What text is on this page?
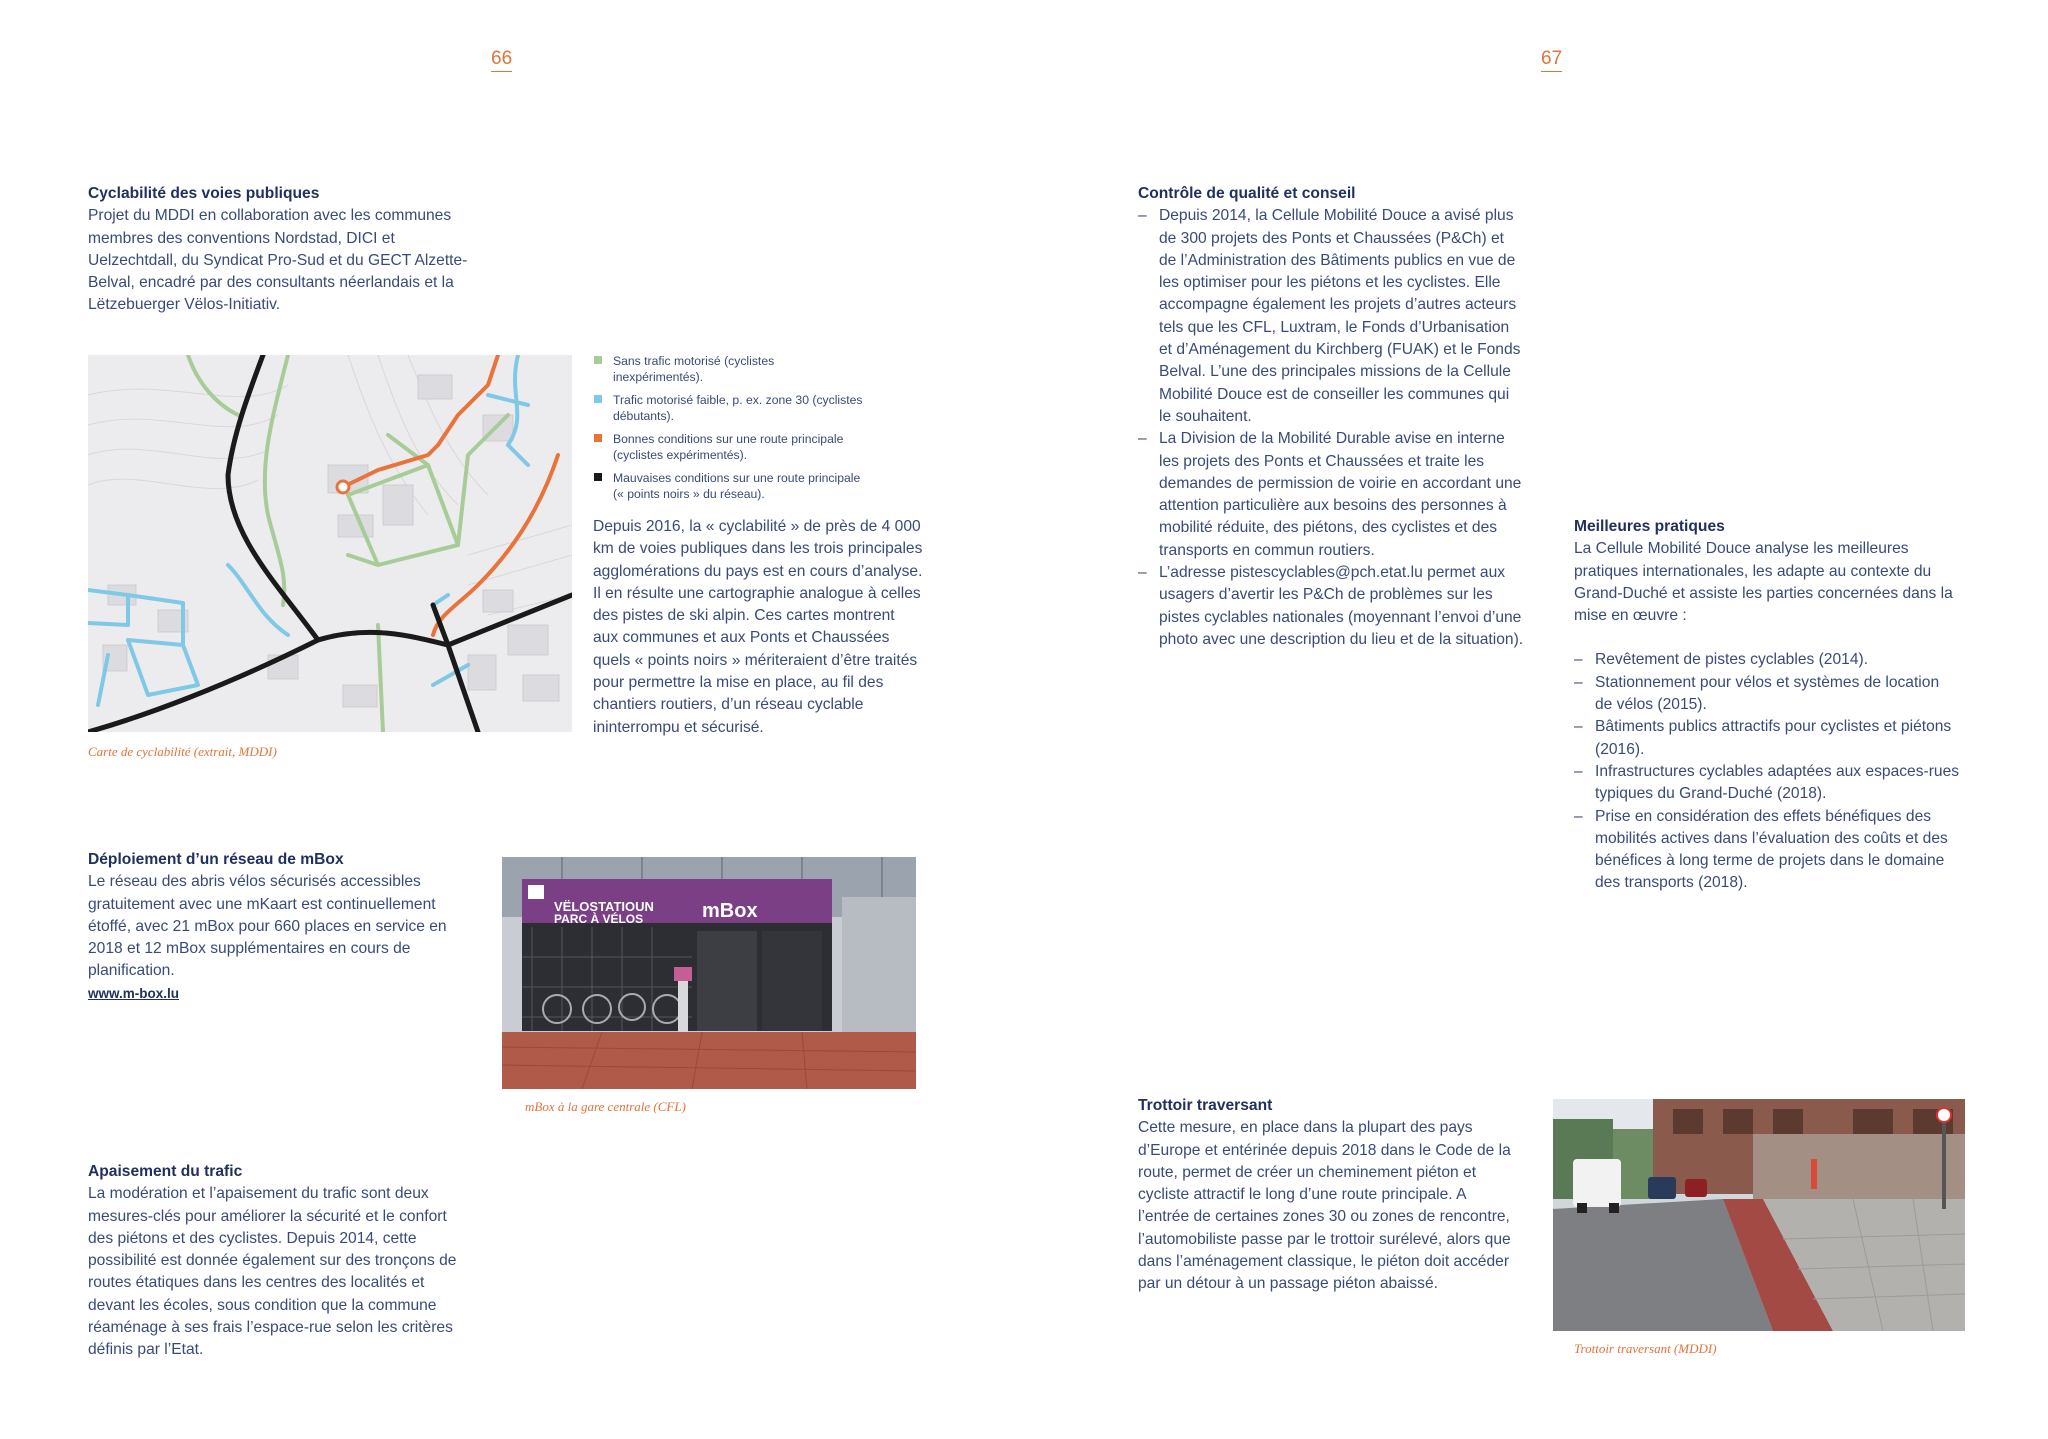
66	67
Cyclabilité des voies publiques

Projet du MDDI en collaboration avec les communes membres des conventions Nordstad, DICI et Uelzechtdall, du Syndicat Pro-Sud et du GECT Alzette-Belval, encadré par des consultants néerlandais et la Lëtzebuerger Vëlos-Initiativ.

Carte de cyclabilité (extrait, MDDI)
Sans trafic motorisé (cyclistes inexpérimentés).
Trafic motorisé faible, p. ex. zone 30 (cyclistes débutants).
Bonnes conditions sur une route principale (cyclistes expérimentés).
Mauvaises conditions sur une route principale (« points noirs » du réseau).

Depuis 2016, la « cyclabilité » de près de 4 000 km de voies publiques dans les trois principales agglomérations du pays est en cours d’analyse. Il en résulte une cartographie analogue à celles des pistes de ski alpin. Ces cartes montrent aux communes et aux Ponts et Chaussées quels « points noirs » mériteraient d’être traités pour permettre la mise en place, au fil des chantiers routiers, d’un réseau cyclable ininterrompu et sécurisé.

Déploiement d’un réseau de mBox

Le réseau des abris vélos sécurisés accessibles gratuitement avec une mKaart est continuellement étoffé, avec 21 mBox pour 660 places en service en 2018 et 12 mBox supplémentaires en cours de planification.

www.m-box.lu
VËLOSTATIOUN
PARC À VÉLOS	mBox
mBox à la gare centrale (CFL)
Apaisement du trafic

La modération et l’apaisement du trafic sont deux mesures-clés pour améliorer la sécurité et le confort des piétons et des cyclistes. Depuis 2014, cette possibilité est donnée également sur des tronçons de routes étatiques dans les centres des localités et devant les écoles, sous condition que la commune réaménage à ses frais l’espace-rue selon les critères définis par l’Etat.

Contrôle de qualité et conseil
– Depuis 2014, la Cellule Mobilité Douce a avisé plus de 300 projets des Ponts et Chaussées (P&Ch) et de l’Administration des Bâtiments publics en vue de les optimiser pour les piétons et les cyclistes. Elle accompagne également les projets d’autres acteurs tels que les CFL, Luxtram, le Fonds d’Urbanisation et d’Aménagement du Kirchberg (FUAK) et le Fonds Belval. L’une des principales missions de la Cellule Mobilité Douce est de conseiller les communes qui le souhaitent.
– La Division de la Mobilité Durable avise en interne les projets des Ponts et Chaussées et traite les demandes de permission de voirie en accordant une attention particulière aux besoins des personnes à mobilité réduite, des piétons, des cyclistes et des transports en commun routiers.
– L’adresse pistescyclables@pch.etat.lu permet aux usagers d’avertir les P&Ch de problèmes sur les pistes cyclables nationales (moyennant l’envoi d’une photo avec une description du lieu et de la situation).
Meilleures pratiques

La Cellule Mobilité Douce analyse les meilleures pratiques internationales, les adapte au contexte du Grand-Duché et assiste les parties concernées dans la mise en œuvre :

– Revêtement de pistes cyclables (2014).
– Stationnement pour vélos et systèmes de location de vélos (2015).
– Bâtiments publics attractifs pour cyclistes et piétons (2016).
– Infrastructures cyclables adaptées aux espaces-rues typiques du Grand-Duché (2018).
– Prise en considération des effets bénéfiques des mobilités actives dans l’évaluation des coûts et des bénéfices à long terme de projets dans le domaine des transports (2018).
Trottoir traversant

Cette mesure, en place dans la plupart des pays d’Europe et entérinée depuis 2018 dans le Code de la route, permet de créer un cheminement piéton et cycliste attractif le long d’une route principale. A l’entrée de certaines zones 30 ou zones de rencontre, l’automobiliste passe par le trottoir surélevé, alors que dans l’aménagement classique, le piéton doit accéder par un détour à un passage piéton abaissé.

Trottoir traversant (MDDI)
